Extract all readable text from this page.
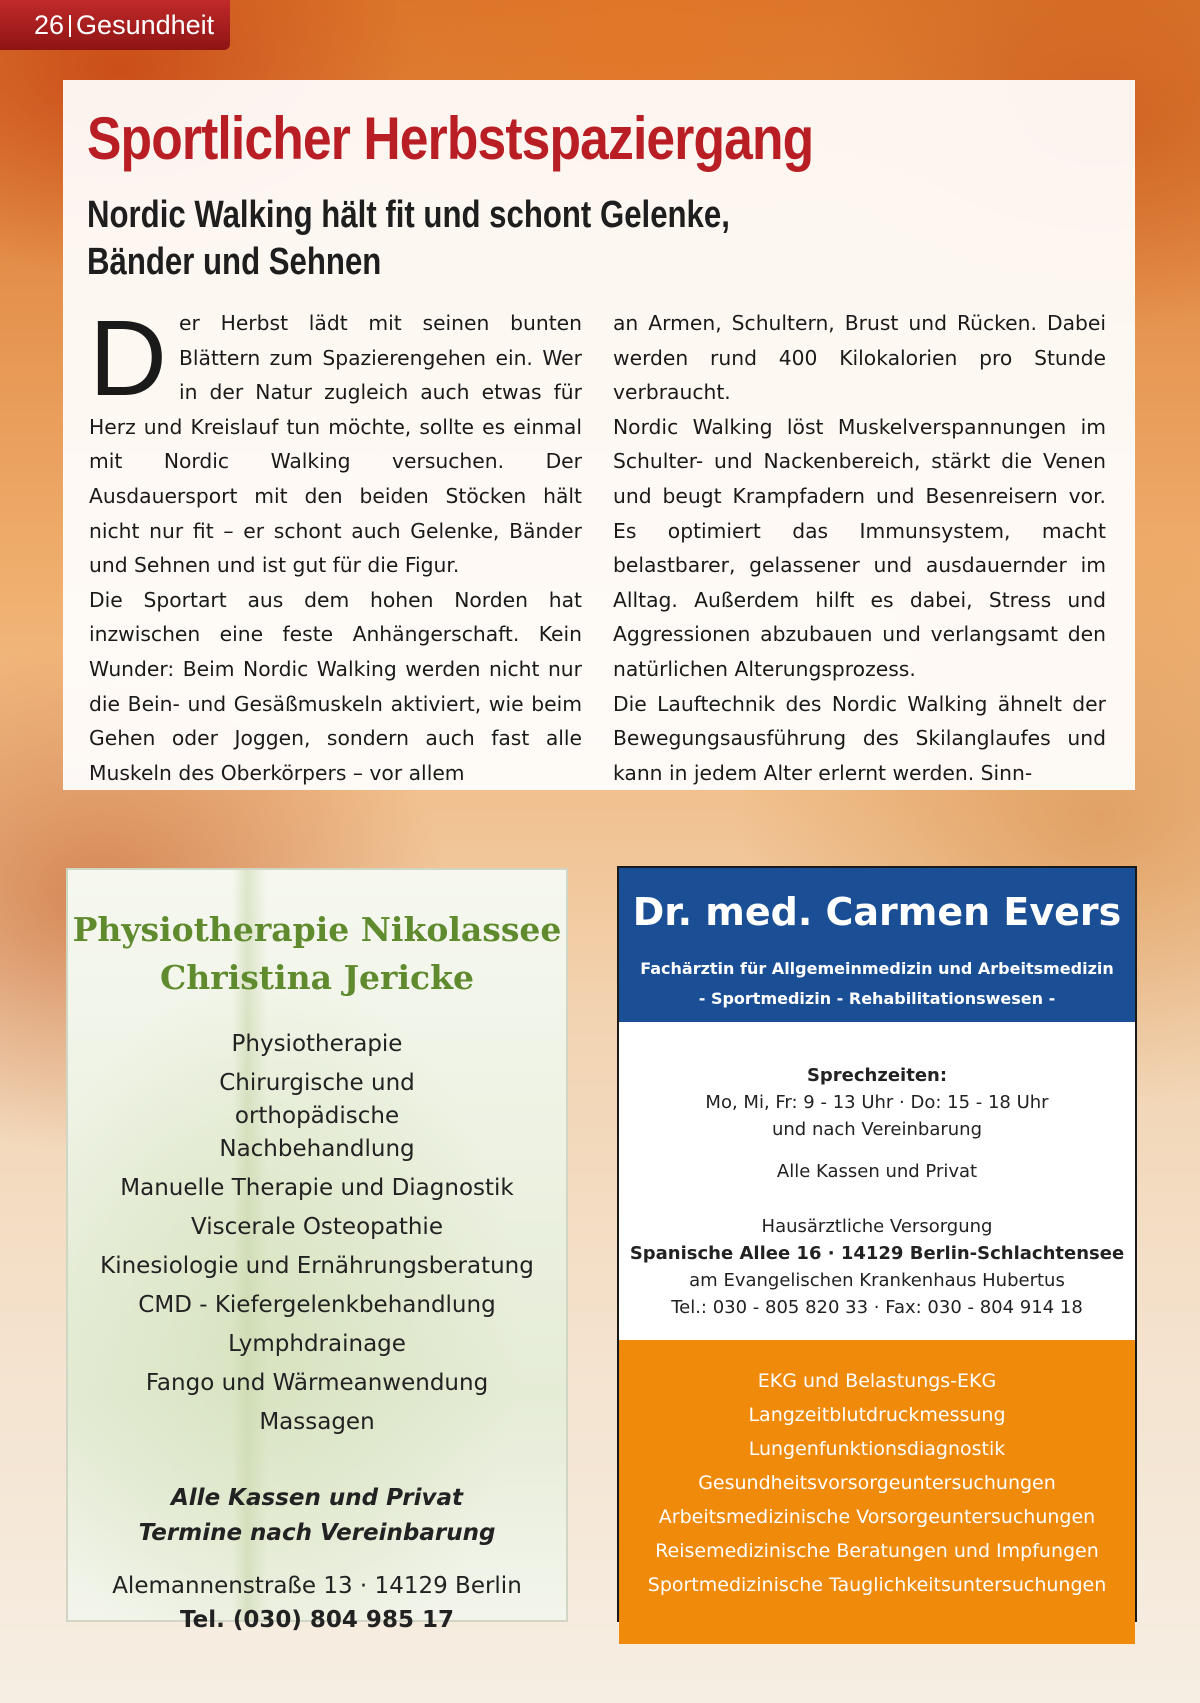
26 Gesundheit
Sportlicher Herbstspaziergang
Nordic Walking hält fit und schont Gelenke, Bänder und Sehnen
D er Herbst lädt mit seinen bunten Blättern zum Spazierengehen ein. Wer in der Natur zugleich auch etwas für Herz und Kreislauf tun möchte, sollte es einmal mit Nordic Walking versuchen. Der Ausdauersport mit den beiden Stöcken hält nicht nur fit – er schont auch Gelenke, Bänder und Sehnen und ist gut für die Figur.

Die Sportart aus dem hohen Norden hat inzwischen eine feste Anhängerschaft. Kein Wunder: Beim Nordic Walking werden nicht nur die Bein- und Gesäßmuskeln aktiviert, wie beim Gehen oder Joggen, sondern auch fast alle Muskeln des Oberkörpers – vor allem

an Armen, Schultern, Brust und Rücken. Dabei werden rund 400 Kilokalorien pro Stunde verbraucht.

Nordic Walking löst Muskelverspannungen im Schulter- und Nackenbereich, stärkt die Venen und beugt Krampfadern und Besenreisern vor. Es optimiert das Immunsystem, macht belastbarer, gelassener und ausdauernder im Alltag. Außerdem hilft es dabei, Stress und Aggressionen abzubauen und verlangsamt den natürlichen Alterungsprozess.

Die Lauftechnik des Nordic Walking ähnelt der Bewegungsausführung des Skilanglaufes und kann in jedem Alter erlernt werden. Sinn-

Physiotherapie Nikolassee
Christina Jericke
Physiotherapie
Chirurgische und orthopädische Nachbehandlung
Manuelle Therapie und Diagnostik
Viscerale Osteopathie
Kinesiologie und Ernährungsberatung
CMD - Kiefergelenkbehandlung
Lymphdrainage
Fango und Wärmeanwendung
Massagen
Alle Kassen und Privat
Termine nach Vereinbarung
Alemannenstraße 13 · 14129 Berlin
Tel. (030) 804 985 17
Dr. med. Carmen Evers
Fachärztin für Allgemeinmedizin und Arbeitsmedizin
- Sportmedizin - Rehabilitationswesen -
Sprechzeiten:
Mo, Mi, Fr: 9 - 13 Uhr · Do: 15 - 18 Uhr
und nach Vereinbarung
Alle Kassen und Privat
Hausärztliche Versorgung
Spanische Allee 16 · 14129 Berlin-Schlachtensee
am Evangelischen Krankenhaus Hubertus
Tel.: 030 - 805 820 33 · Fax: 030 - 804 914 18
EKG und Belastungs-EKG
Langzeitblutdruckmessung
Lungenfunktionsdiagnostik
Gesundheitsvorsorgeuntersuchungen
Arbeitsmedizinische Vorsorgeuntersuchungen
Reisemedizinische Beratungen und Impfungen
Sportmedizinische Tauglichkeitsuntersuchungen
